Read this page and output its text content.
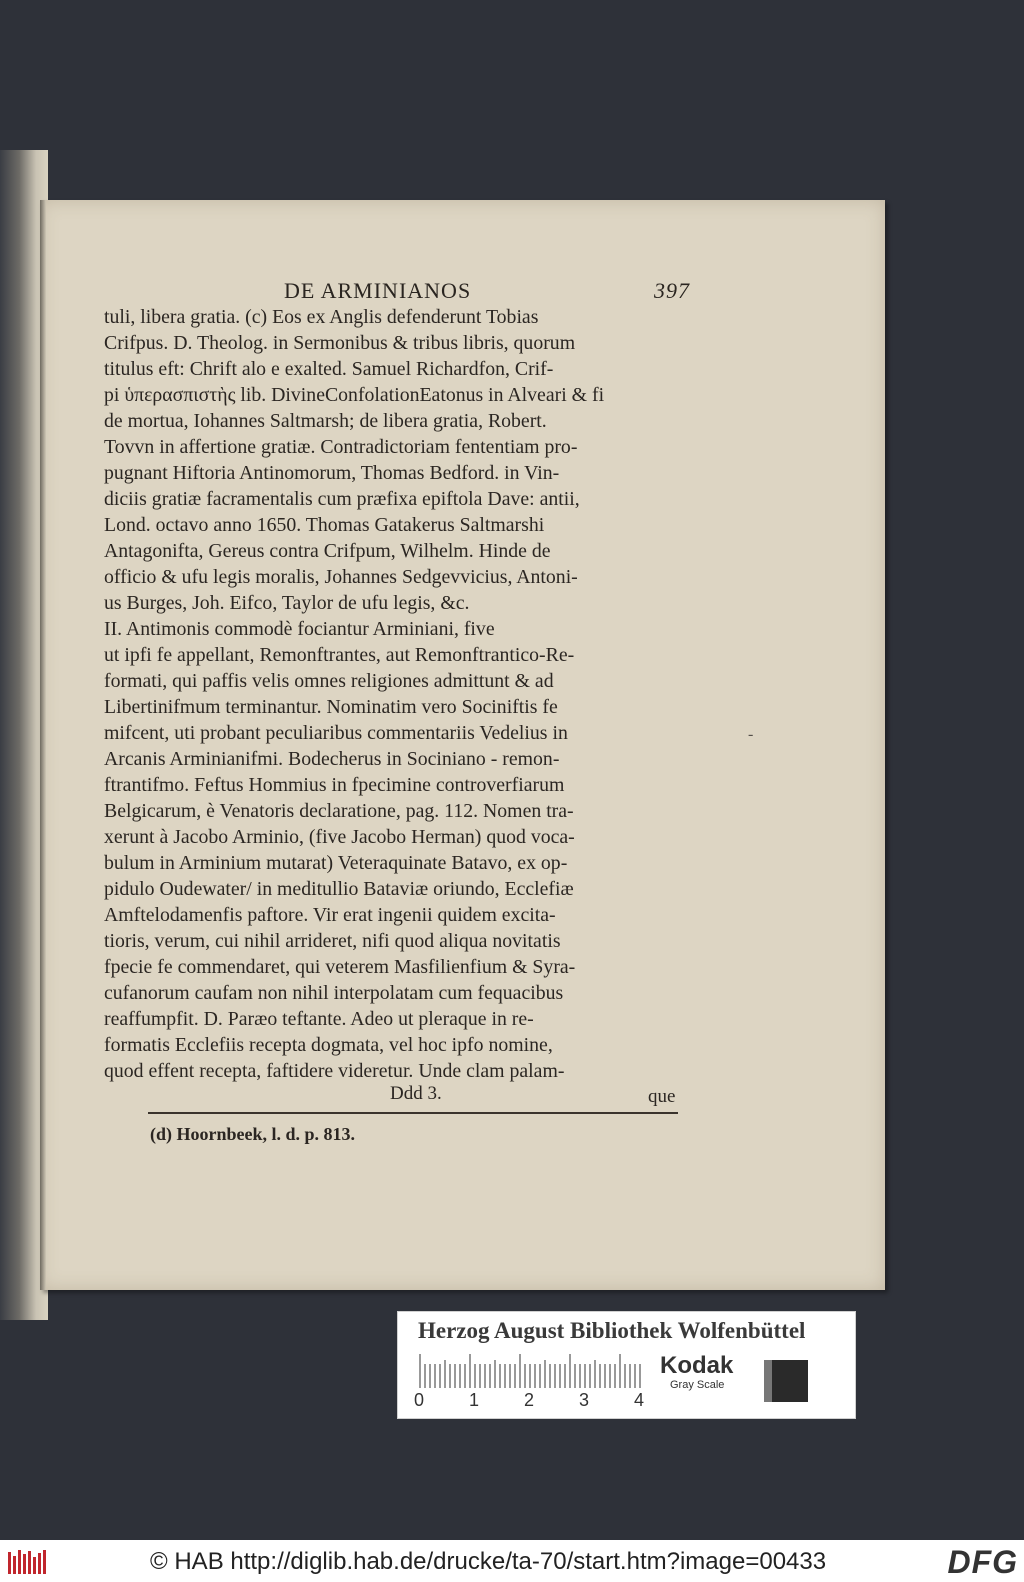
DE ARMINIANOS	397
tuli, libera gratia. (c) Eos ex Anglis defenderunt Tobias
Crifpus. D. Theolog. in Sermonibus & tribus libris, quorum
titulus eft: Chrift alo e exalted. Samuel Richardfon, Crif-
pi ὑπερασπιστὴς lib. DivineConfolationEatonus in Alveari & fi
de mortua, Iohannes Saltmarsh; de libera gratia, Robert.
Tovvn in affertione gratiæ. Contradictoriam fententiam pro-
pugnant Hiftoria Antinomorum, Thomas Bedford. in Vin-
diciis gratiæ facramentalis cum præfixa epiftola Dave: antii,
Lond. octavo anno 1650. Thomas Gatakerus Saltmarshi
Antagonifta, Gereus contra Crifpum, Wilhelm. Hinde de
officio & ufu legis moralis, Johannes Sedgevvicius, Antoni-
us Burges, Joh. Eifco, Taylor de ufu legis, &c.
II. Antimonis commodè fociantur Arminiani, five
ut ipfi fe appellant, Remonftrantes, aut Remonftrantico-Re-
formati, qui paffis velis omnes religiones admittunt & ad
Libertinifmum terminantur. Nominatim vero Sociniftis fe
mifcent, uti probant peculiaribus commentariis Vedelius in
Arcanis Arminianifmi. Bodecherus in Sociniano - remon-
ftrantifmo. Feftus Hommius in fpecimine controverfiarum
Belgicarum, è Venatoris declaratione, pag. 112. Nomen tra-
xerunt à Jacobo Arminio, (five Jacobo Herman) quod voca-
bulum in Arminium mutarat) Veteraquinate Batavo, ex op-
pidulo Oudewater/ in meditullio Bataviæ oriundo, Ecclefiæ
Amftelodamenfis paftore. Vir erat ingenii quidem excita-
tioris, verum, cui nihil arrideret, nifi quod aliqua novitatis
fpecie fe commendaret, qui veterem Masfilienfium & Syra-
cufanorum caufam non nihil interpolatam cum fequacibus
reaffumpfit. D. Paræo teftante. Adeo ut pleraque in re-
formatis Ecclefiis recepta dogmata, vel hoc ipfo nomine,
quod effent recepta, faftidere videretur. Unde clam palam-
Ddd 3.	que
(d) Hoornbeek, l. d. p. 813.
-
Herzog August Bibliothek Wolfenbüttel
0 1 2 3 4
Kodak
Gray Scale
© HAB http://diglib.hab.de/drucke/ta-70/start.htm?image=00433	DFG
